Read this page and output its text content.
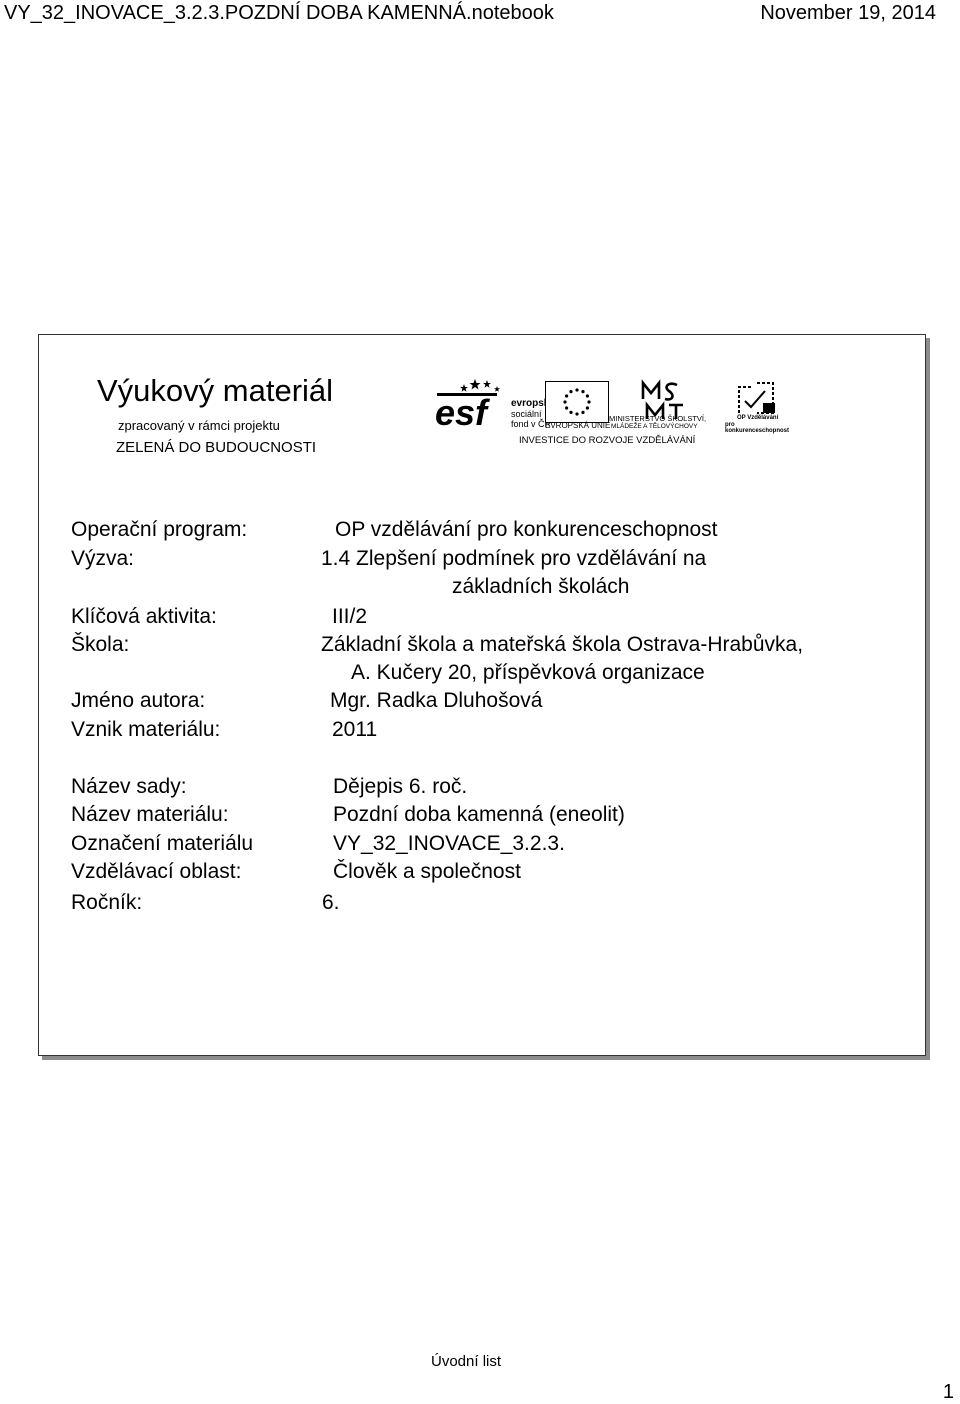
VY_32_INOVACE_3.2.3.POZDNÍ DOBA KAMENNÁ.notebook	November 19, 2014
Výukový materiál
zpracovaný v rámci projektu
ZELENÁ DO BUDOUCNOSTI
esf	evropský
sociální
fond v ČR
EVROPSKÁ UNIE
MINISTERSTVO ŠKOLSTVÍ,
MLÁDEŽE A TĚLOVÝCHOVY
OP Vzdělávání
pro konkurenceschopnost
INVESTICE DO ROZVOJE VZDĚLÁVÁNÍ
Operační program:	OP vzdělávání pro konkurenceschopnost
Výzva:	1.4 Zlepšení podmínek pro vzdělávání na
základních školách
Klíčová aktivita:	III/2
Škola:	Základní škola a mateřská škola Ostrava-Hrabůvka,
A. Kučery 20, příspěvková organizace
Jméno autora:	Mgr. Radka Dluhošová
Vznik materiálu:	2011
Název sady:	Dějepis 6. roč.
Název materiálu:	Pozdní doba kamenná (eneolit)
Označení materiálu	VY_32_INOVACE_3.2.3.
Vzdělávací oblast:	Člověk a společnost
Ročník:	6.
Úvodní list
1
